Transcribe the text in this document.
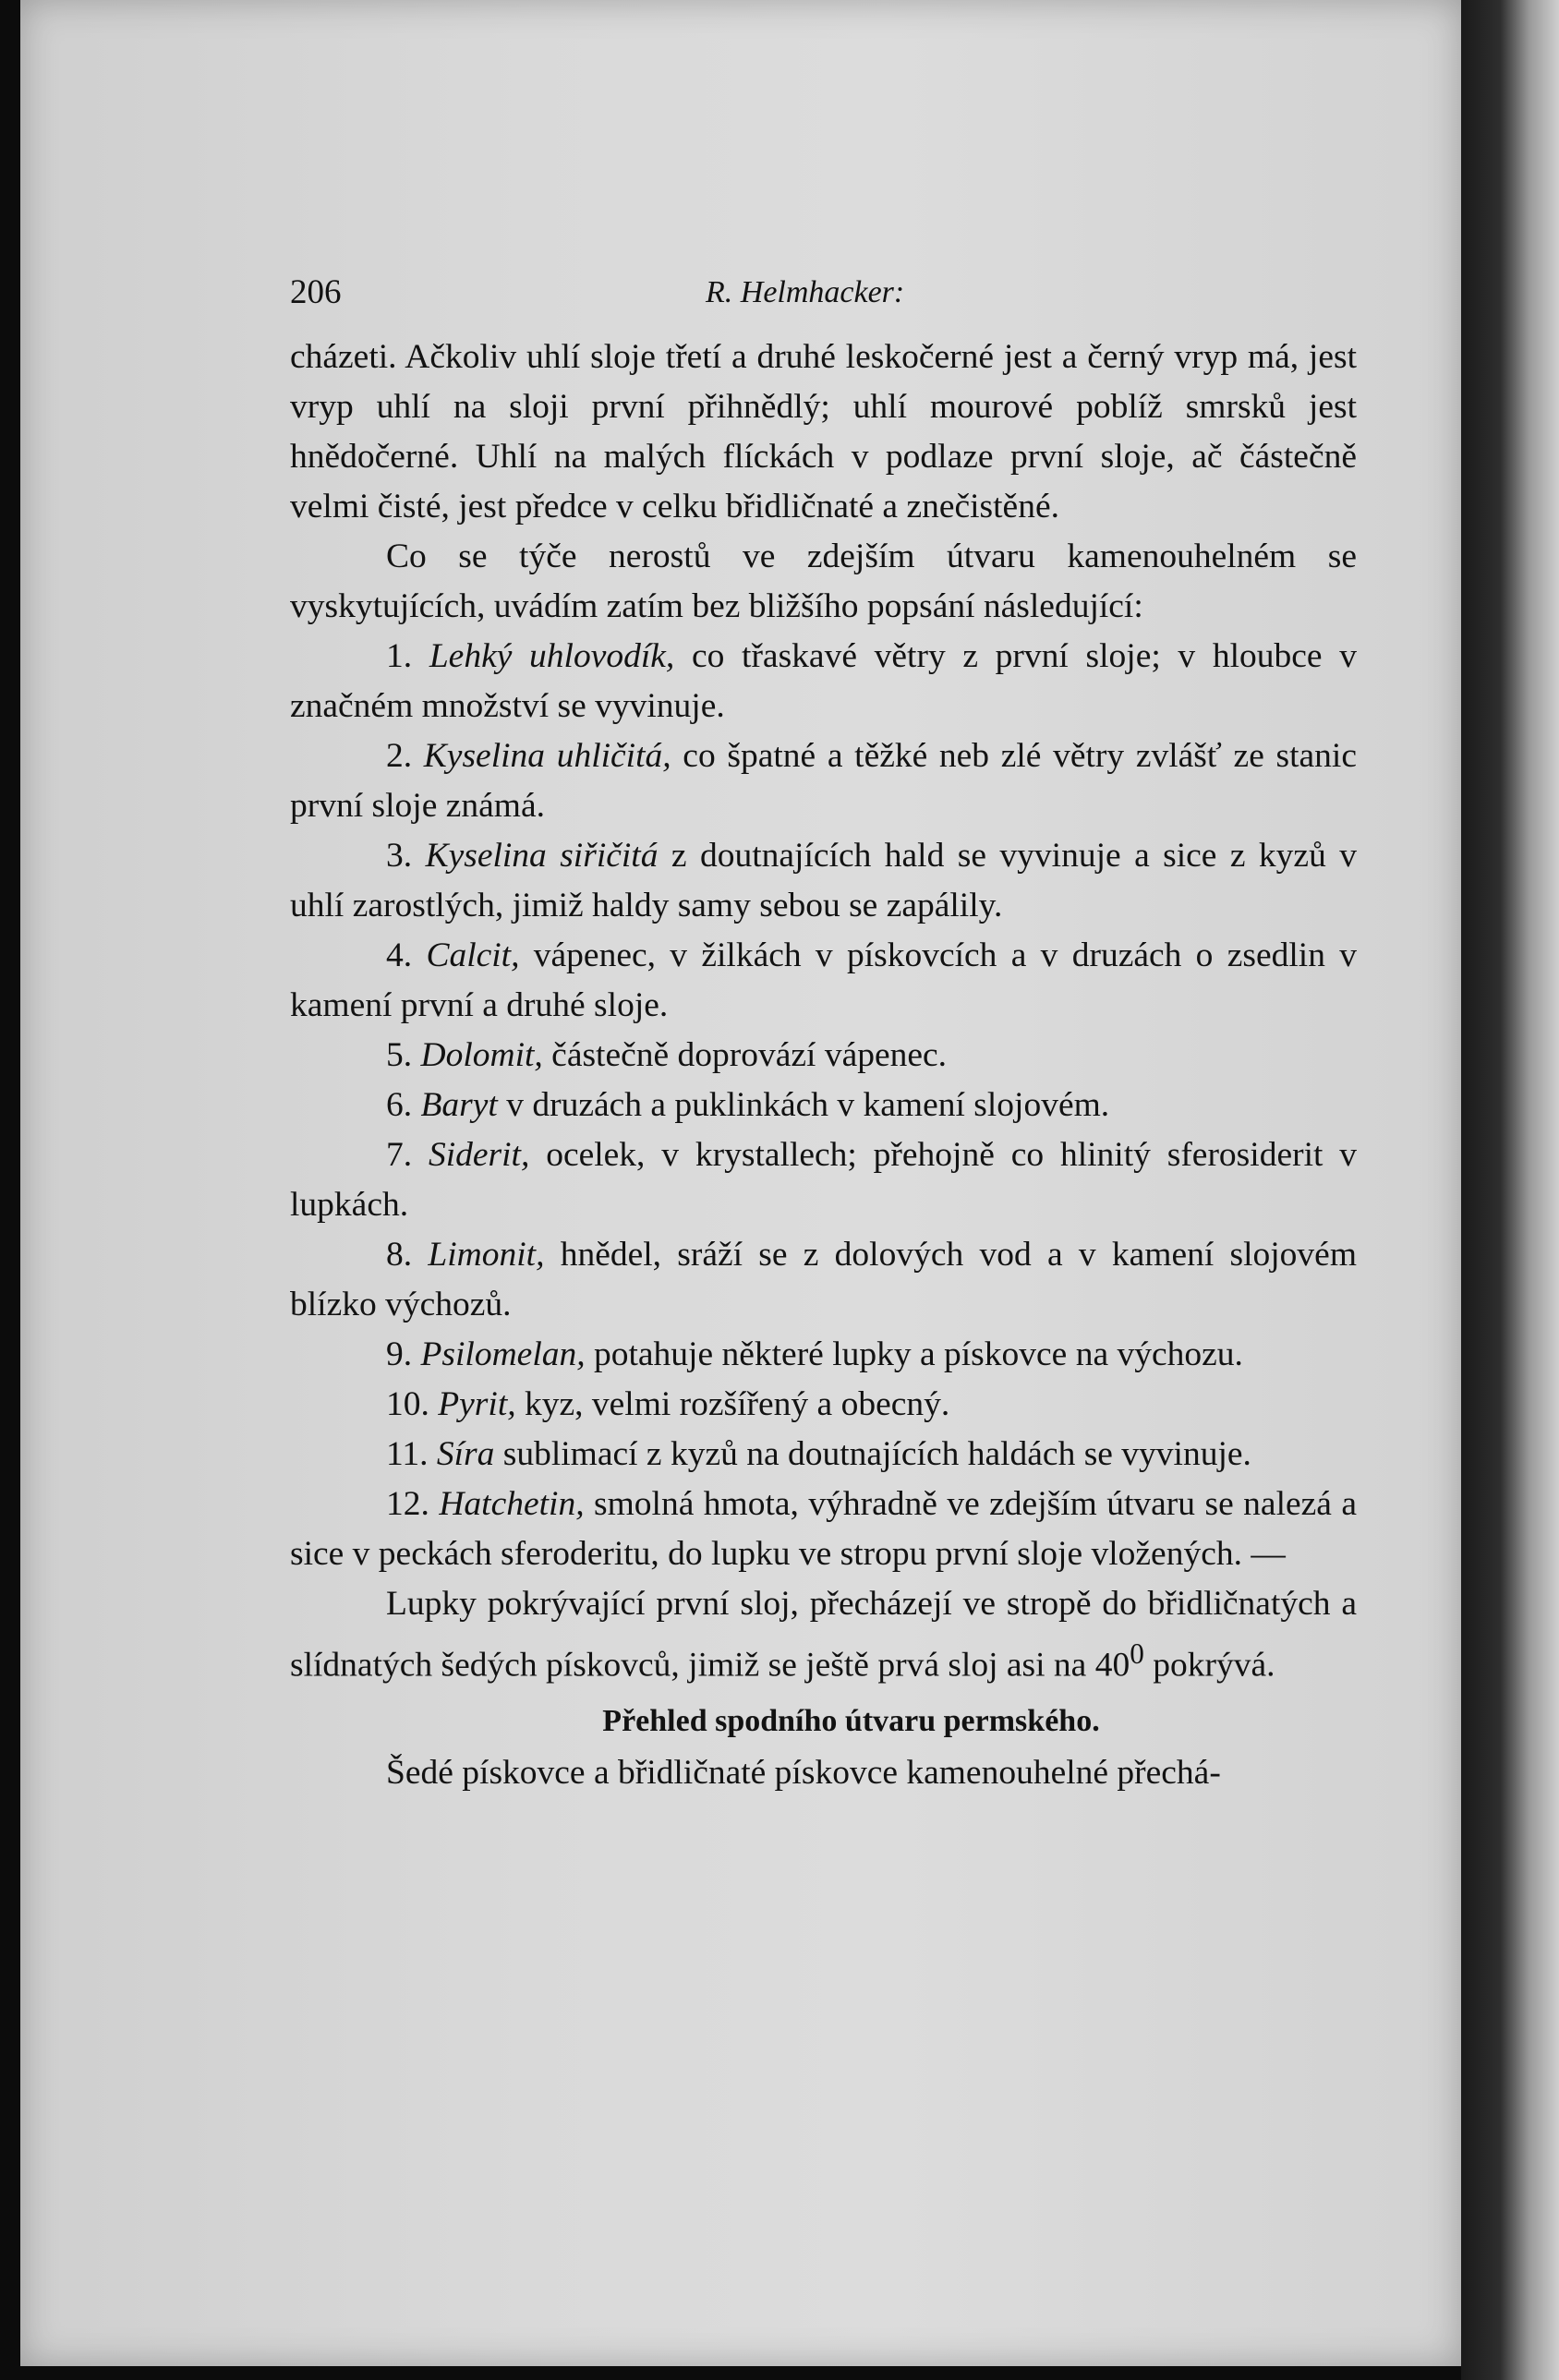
206	R. Helmhacker:

cházeti. Ačkoliv uhlí sloje třetí a druhé leskočerné jest a černý vryp má, jest vryp uhlí na sloji první přihnědlý; uhlí mourové poblíž smrsků jest hnědočerné. Uhlí na malých flíckách v podlaze první sloje, ač částečně velmi čisté, jest předce v celku břidličnaté a znečistěné.

Co se týče nerostů ve zdejším útvaru kamenouhelném se vyskytujících, uvádím zatím bez bližšího popsání následující:

1. Lehký uhlovodík, co třaskavé větry z první sloje; v hloubce v značném množství se vyvinuje.

2. Kyselina uhličitá, co špatné a těžké neb zlé větry zvlášť ze stanic první sloje známá.

3. Kyselina siřičitá z doutnajících hald se vyvinuje a sice z kyzů v uhlí zarostlých, jimiž haldy samy sebou se zapálily.

4. Calcit, vápenec, v žilkách v pískovcích a v druzách o zsedlin v kamení první a druhé sloje.

5. Dolomit, částečně doprovází vápenec.

6. Baryt v druzách a puklinkách v kamení slojovém.

7. Siderit, ocelek, v krystallech; přehojně co hlinitý sferosiderit v lupkách.

8. Limonit, hnědel, sráží se z dolových vod a v kamení slojovém blízko výchozů.

9. Psilomelan, potahuje některé lupky a pískovce na výchozu.

10. Pyrit, kyz, velmi rozšířený a obecný.

11. Síra sublimací z kyzů na doutnajících haldách se vyvinuje.

12. Hatchetin, smolná hmota, výhradně ve zdejším útvaru se nalezá a sice v peckách sferoderitu, do lupku ve stropu první sloje vložených. —

Lupky pokrývající první sloj, přecházejí ve stropě do břidličnatých a slídnatých šedých pískovců, jimiž se ještě prvá sloj asi na $40^0$ pokrývá.

Přehled spodního útvaru permského.

Šedé pískovce a břidličnaté pískovce kamenouhelné přechá-
